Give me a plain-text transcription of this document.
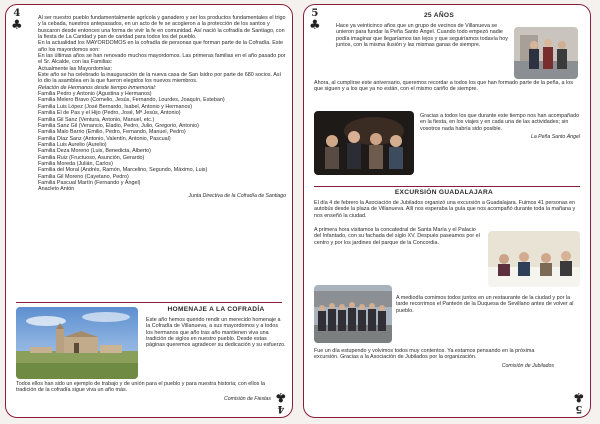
4
♣
4
♣

Al ser nuestro pueblo fundamentalmente agrícola y ganadero y ser los productos fundamentales el trigo y la cebada, nuestros antepasados, en un acto de fe se acogieron a la protección de los santos y buscaron desde entonces una forma de vivir la fe en comunidad. Así nació la cofradía de Santiago, con la fiesta de La Caridad y pan de caridad para todos los del pueblo.

En la actualidad los MAYORDOMOS en la cofradía de personas que forman parte de la Cofradía. Este año los mayordomos son:

En las últimas años se han renovado muchos mayordomos. Las primeras familias en el año pasado por el Sr. Alcalde, con las Familias:

Actualmente las Mayordomías:

Este año se ha celebrado la inauguración de la nueva casa de San Isidro por parte de 680 socios. Así lo dio la asamblea en la que fueron elegidos los nuevos miembros.

Relación de Hermanos desde tiempo inmemorial:

Familia Pedro y Antonio (Agustina y Hermanos)

Familia Melero Bravo (Cornelio, Jesús, Fernando, Lourdes, Joaquín, Esteban)

Familia Luis López (José Bernardo, Isabel, Antonio y Hermanos)

Familia El de Pas y el Hijo (Pedro, José, Mª Jesús, Antonio)

Familia Gil Sanz (Ventura, Antonio, Manuel, etc.)

Familia Sanz Gil (Venancio, Eladio, Pedro, Julio, Gregorio, Antonio)

Familia Malo Barrio (Emilio, Pedro, Fernando, Manuel, Pedro)

Familia Díaz Sanz (Antonio, Valentín, Antonio, Pascual)

Familia Luis Aurelio (Aurelio)

Familia Deza Moreno (Luis, Benedicta, Alberto)

Familia Ruiz (Fructuoso, Asunción, Gerardo)

Familia Moreda (Julián, Carlos)

Familia del Moral (Andrés, Ramón, Marcelino, Segundo, Máximo, Luis)

Familia Gil Moreno (Cayetano, Pedro)

Familia Pascual Martín (Fernando y Ángel)

Anacleto Antón

Junta Directiva de la Cofradía de Santiago

HOMENAJE A LA COFRADÍA

Este año hemos querido rendir un merecido homenaje a la Cofradía de Villanueva, a sus mayordomos y a todos los hermanos que año tras año mantienen viva una tradición de siglos en nuestro pueblo. Desde estas páginas queremos agradecer su dedicación y su esfuerzo.

Todos ellos han sido un ejemplo de trabajo y de unión para el pueblo y para nuestra historia; con ellos la tradición de la cofradía sigue viva un año más.

Comisión de Fiestas

5
♣
5
♣
25 AÑOS

Hace ya veinticinco años que un grupo de vecinos de Villanueva se unieron para fundar la Peña Santo Ángel. Cuando todo empezó nadie podía imaginar que llegaríamos tan lejos y que seguiríamos todavía hoy juntos, con la misma ilusión y las mismas ganas de siempre.

Ahora, al cumplirse este aniversario, queremos recordar a todos los que han formado parte de la peña, a los que siguen y a los que ya no están, con el mismo cariño de siempre.

Gracias a todos los que durante este tiempo nos han acompañado en la fiesta, en los viajes y en cada una de las actividades; sin vosotros nada habría sido posible.

La Peña Santo Ángel

EXCURSIÓN GUADALAJARA

El día 4 de febrero la Asociación de Jubilados organizó una excursión a Guadalajara. Fuimos 41 personas en autobús desde la plaza de Villanueva. Allí nos esperaba la guía que nos acompañó durante toda la mañana y nos enseñó la ciudad.

A primera hora visitamos la concatedral de Santa María y el Palacio del Infantado, con su fachada del siglo XV. Después paseamos por el centro y por los jardines del parque de la Concordia.

A mediodía comimos todos juntos en un restaurante de la ciudad y por la tarde recorrimos el Panteón de la Duquesa de Sevillano antes de volver al pueblo.

Fue un día estupendo y volvimos todos muy contentos. Ya estamos pensando en la próxima excursión. Gracias a la Asociación de Jubilados por la organización.

Comisión de Jubilados
